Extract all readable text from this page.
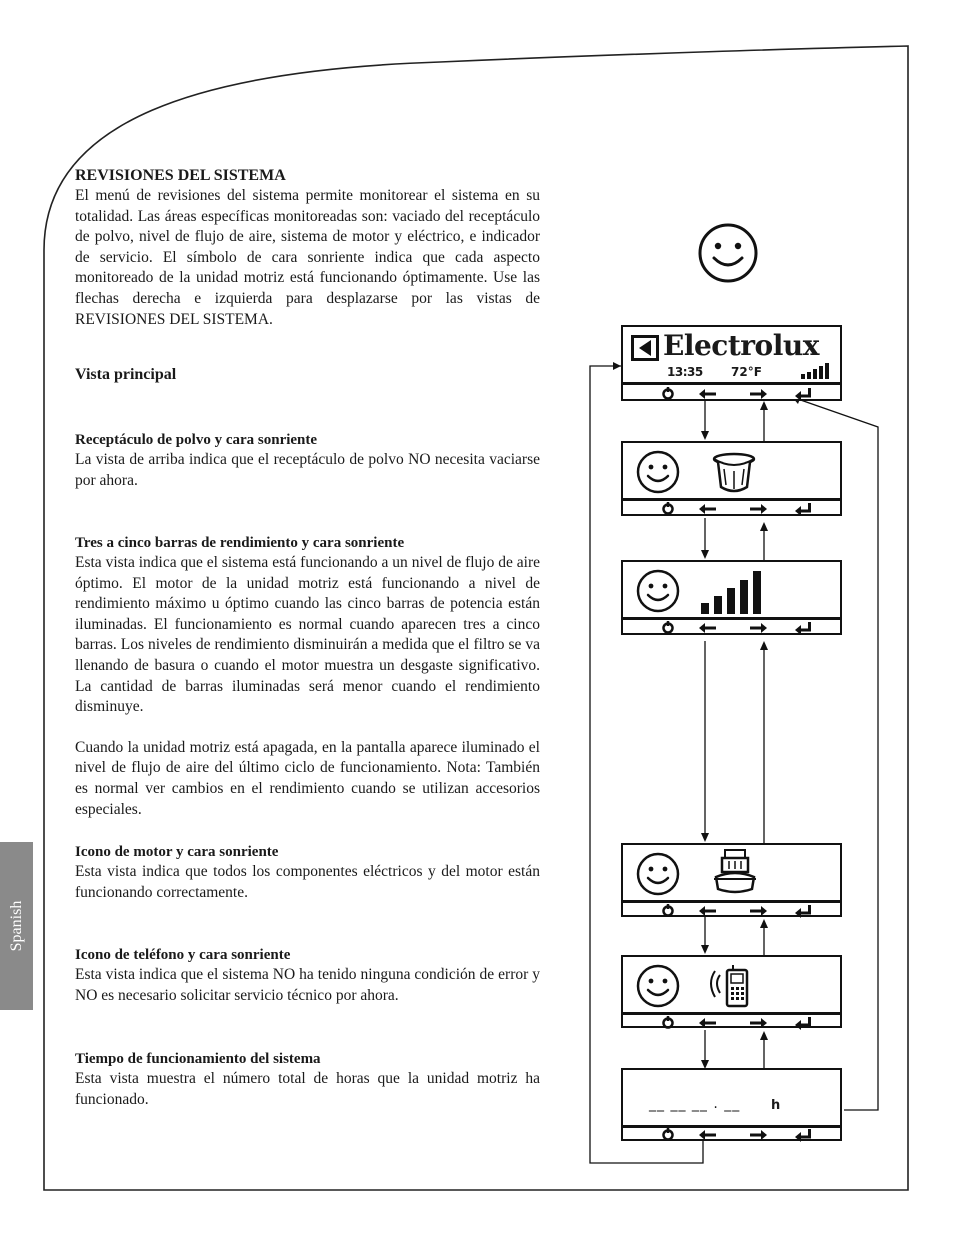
Spanish

REVISIONES DEL SISTEMA

El menú de revisiones del sistema permite monitorear el sistema en su totalidad. Las áreas específicas monitoreadas son: vaciado del receptáculo de polvo, nivel de flujo de aire, sistema de motor y eléctrico, e indicador de servicio. El símbolo de cara sonriente indica que cada aspecto monitoreado de la unidad motriz está funcionando óptimamente. Use las flechas derecha e izquierda para desplazarse por las vistas de REVISIONES DEL SISTEMA.

Vista principal

Receptáculo de polvo y cara sonriente

La vista de arriba indica que el receptáculo de polvo NO necesita vaciarse por ahora.

Tres a cinco barras de rendimiento y cara sonriente

Esta vista indica que el sistema está funcionando a un nivel de flujo de aire óptimo. El motor de la unidad motriz está funcionando a nivel de rendimiento máximo u óptimo cuando las cinco barras de potencia están iluminadas. El funcionamiento es normal cuando aparecen tres a cinco barras. Los niveles de rendimiento disminuirán a medida que el filtro se va llenando de basura o cuando el motor muestra un desgaste significativo. La cantidad de barras iluminadas será menor cuando el rendimiento disminuye.

Cuando la unidad motriz está apagada, en la pantalla aparece iluminado el nivel de flujo de aire del último ciclo de funcionamiento. Nota: También es normal ver cambios en el rendimiento cuando se utilizan accesorios especiales.

Icono de motor y cara sonriente

Esta vista indica que todos los componentes eléctricos y del motor están funcionando correctamente.

Icono de teléfono y cara sonriente

Esta vista indica que el sistema NO ha tenido ninguna condición de error y NO es necesario solicitar servicio técnico por ahora.

Tiempo de funcionamiento del sistema

Esta vista muestra el número total de horas que la unidad motriz ha funcionado.

Electrolux
13:35 72°F
__ __ __ . __ h
